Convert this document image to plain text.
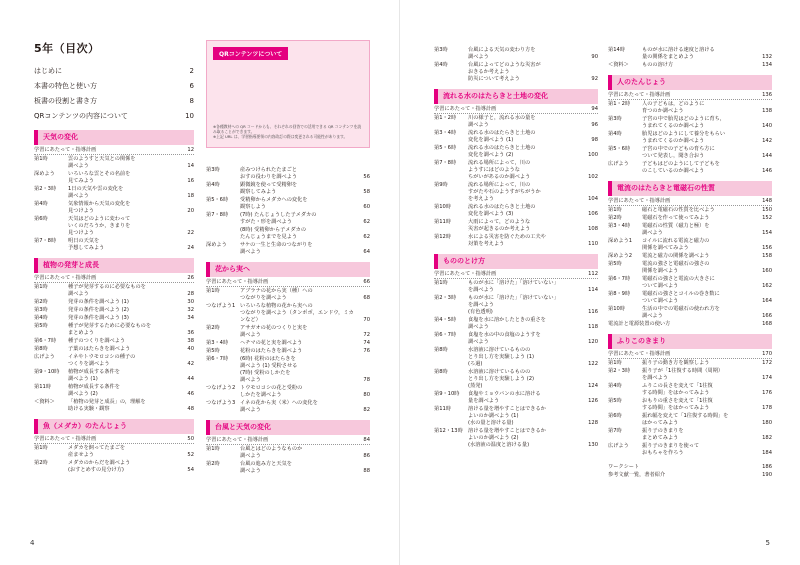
5年（目次）
はじめに	2
本書の特色と使い方	6
板書の役割と書き方	8
QRコンテンツの内容について	10
天気の変化
学習にあたって・指導計画	12
第1時	雲のようすと天気との関係を
調べよう	14
深めよう	いろいろな雲とその名前を
見てみよう	16
第2・3時	1日の天気や雲の変化を
調べよう	18
第4時	気象情報から天気の変化を
見つけよう	20
第6時	天気はどのように変わって
いくのだろうか，きまりを
見つけよう	22
第7・8時	明日の天気を
予想してみよう	24
植物の発芽と成長
学習にあたって・指導計画	26
第1時	種子が発芽するのに必要なものを
調べよう	28
第2時	発芽の条件を調べよう (1)	30
第3時	発芽の条件を調べよう (2)	32
第4時	発芽の条件を調べよう (3)	34
第5時	種子が発芽するために必要なものを
まとめよう	36
第6・7時	種子のつくりを調べよう	38
第8時	子葉のはたらきを調べよう	40
広げよう	イネやトウモロコシの種子の
つくりを調べよう	42
第9・10時	植物が成長する条件を
調べよう (1)	44
第11時	植物が成長する条件を
調べよう (2)	46
＜資料＞	「植物の発芽と成長」の，理解を
助ける実験・観察	48
魚（メダカ）のたんじょう
学習にあたって・指導計画	50
第1時	メダカを飼ってたまごを
産ませよう	52
第2時	メダカのからだを調べよう
(おすとめすの見分け方)	54
QRコンテンツについて
※各種教材への QR コードからも、それぞれの回答での活用できる QR コンテンツを読み取ることができます。
※上記 URL は、学習指導要領の内容改訂の際は変更される可能性があります。
第3時	産みつけられたたまごと
おすの役わりを調べよう	56
第4時	顕微鏡を使って受精卵を
観察してみよう	58
第5・6時	受精卵からメダカへの変化を
観察しよう	60
第7・8時	(7時) たんじょうした子メダカの
すがた・形を調べよう	62
(8時) 受精卵から子メダカの
たんじょうまでを見よう	62
深めよう	サケの一生と生命のつながりを
調べよう	64
花から実へ
学習にあたって・指導計画	66
第1時	アブラナの花から実（種）への
つながりを調べよう	68
つなげよう1 いろいろな植物の花から実への
つながりを調べよう（タンポポ，エンドウ，ミカンなど）	70
第2時	アサガオの花のつくりと実を
調べよう	72
第3・4時	ヘチマの花と実を調べよう	74
第5時	花粉のはたらきを調べよう	76
第6・7時	(6時) 花粉のはたらきを
調べよう (1) 受粉させる
(7時) 受粉のしかたを
調べよう	78
つなげよう2 トウモロコシの花と受粉の
しかたを調べよう	80
つなげよう3 イネの花から実（米）への変化を
調べよう	82
台風と天気の変化
学習にあたって・指導計画	84
第1時	台風とはどのようなものか
調べよう	86
第2時	台風の進み方と天気を
調べよう	88
4
第3時	台風による天気の変わり方を
調べよう	90
第4時	台風によってどのような災害が
おきるか考えよう
防災について考えよう	92
流れる水のはたらきと土地の変化
学習にあたって・指導計画	94
第1・2時	川の様子と，流れる水の量を
調べよう	96
第3・4時	流れる水のはたらきと土地の
変化を調べよう (1)	98
第5・6時	流れる水のはたらきと土地の
変化を調べよう (2)	100
第7・8時	流れる場所によって，川の
ようすにはどのような
ちがいがあるのか調べよう	102
第9時	流れる場所によって，川の
すがたや石のようすがちがうか
を考えよう	104
第10時	流れる水のはたらきと土地の
変化を調べよう (3)	106
第11時	大雨によって，どのような
災害が起きるのか考えよう	108
第12時	水による災害を防ぐための工夫や
対策を考えよう	110
もののとけ方
学習にあたって・指導計画	112
第1時	ものが水に「溶けた」「溶けていない」
を調べよう	114
第2・3時	ものが水に「溶けた」「溶けていない」
を調べよう
(有色透明)	116
第4・5時	食塩を水に溶かしたときの重さを
調べよう	118
第6・7時	食塩を水の中の食塩のようすを
調べよう	120
第8時	水溶液に溶けているものの
とり出し方を実験しよう (1)
(ろ過)	122
第8時	水溶液に溶けているものの
とり出し方を実験しよう (2)
(蒸発)	124
第9・10時	食塩やミョウバンの水に溶ける
量を調べよう	126
第11時	溶ける量を増やすことはできるか
よいのか調べよう (1)
(水の量と溶ける量)	128
第12・13時	溶ける量を増やすことはできるか
よいのか調べよう (2)
(水溶液の温度と溶ける量)	130
第14時	ものが水に溶ける速度と溶ける
量の関係をまとめよう	132
＜資料＞	ものの溶け方	134
人のたんじょう
学習にあたって・指導計画	136
第1・2時	人の子どもは，どのように
育つのか調べよう	138
第3時	子宮の中で胎児はどのように育ち，
うまれてくるのか調べよう	140
第4時	胎児はどのようにして養分をもらい
うまれてくるのか調べよう	142
第5・6時	子宮の中での子どもの育ち方に
ついて発表し，聞き合おう	144
広げよう	子どもはどのようにして子どもを
のこしているのか調べよう	146
電流のはたらきと電磁石の性質
学習にあたって・指導計画	148
第1時	磁石と電磁石の性質を比べよう	150
第2時	電磁石を作って使ってみよう	152
第3・4時	電磁石の性質（磁力と極）を
調べよう	154
深めよう1	コイルに流れる電流と磁力の
関係を調べてみよう	156
深めよう2	電流と磁力の関係を調べよう	158
第5時	電流の強さと電磁石の強さの
関係を調べよう	160
第6・7時	電磁石の強さと電流の大きさに
ついて調べよう	162
第8・9時	電磁石の強さとコイルの巻き数に
ついて調べよう	164
第10時	生活の中での電磁石の使われ方を
調べよう	166
電流計と電源装置の使い方	168
ふりこのきまり
学習にあたって・指導計画	170
第1時	振り子の動き方を観察しよう	172
第2・3時	振り子が「1往復する時間（周期）
を調べよう	174
第4時	ふりこの長さを変えて「1往復
する時間」をはかってみよう	176
第5時	おもりの重さを変えて「1往復
する時間」をはかってみよう	178
第6時	振れ幅を変えて「1往復する時間」を
はかってみよう	180
第7時	振り子のきまりを
まとめてみよう	182
広げよう	振り子のきまりを使って
おもちゃを作ろう	184
ワークシート	186
参考文献一覧，著者紹介	190
5
